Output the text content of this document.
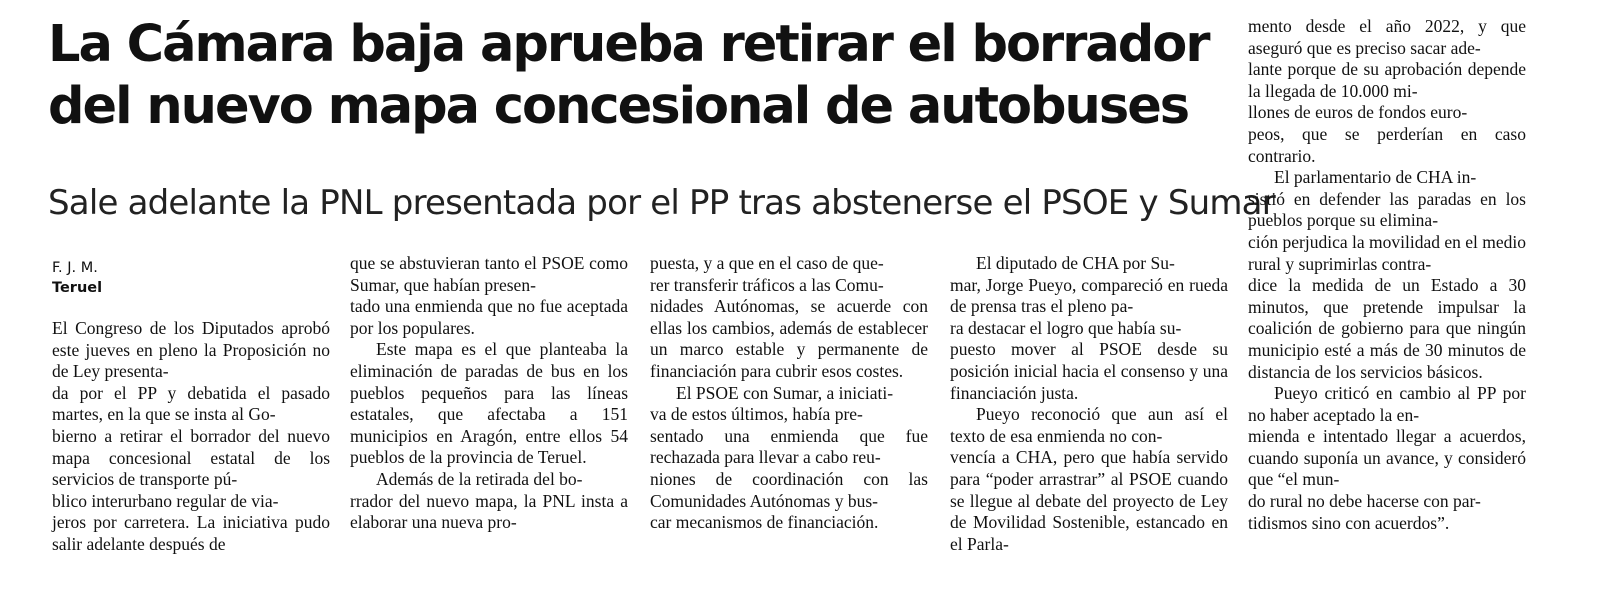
La Cámara baja aprueba retirar el borrador del nuevo mapa concesional de autobuses
Sale adelante la PNL presentada por el PP tras abstenerse el PSOE y Sumar
F. J. M.
Teruel

El Congreso de los Diputados aprobó este jueves en pleno la Proposición no de Ley presenta-
da por el PP y debatida el pasado martes, en la que se insta al Go-
bierno a retirar el borrador del nuevo mapa concesional estatal de los servicios de transporte pú-
blico interurbano regular de via-
jeros por carretera. La iniciativa pudo salir adelante después de

que se abstuvieran tanto el PSOE como Sumar, que habían presen-
tado una enmienda que no fue aceptada por los populares.

Este mapa es el que planteaba la eliminación de paradas de bus en los pueblos pequeños para las líneas estatales, que afectaba a 151 municipios en Aragón, entre ellos 54 pueblos de la provincia de Teruel.

Además de la retirada del bo-
rrador del nuevo mapa, la PNL insta a elaborar una nueva pro-

puesta, y a que en el caso de que-
rer transferir tráficos a las Comu-
nidades Autónomas, se acuerde con ellas los cambios, además de establecer un marco estable y permanente de financiación para cubrir esos costes.

El PSOE con Sumar, a iniciati-
va de estos últimos, había pre-
sentado una enmienda que fue rechazada para llevar a cabo reu-
niones de coordinación con las Comunidades Autónomas y bus-
car mecanismos de financiación.

El diputado de CHA por Su-
mar, Jorge Pueyo, compareció en rueda de prensa tras el pleno pa-
ra destacar el logro que había su-
puesto mover al PSOE desde su posición inicial hacia el consenso y una financiación justa.

Pueyo reconoció que aun así el texto de esa enmienda no con-
vencía a CHA, pero que había servido para “poder arrastrar” al PSOE cuando se llegue al debate del proyecto de Ley de Movilidad Sostenible, estancado en el Parla-

mento desde el año 2022, y que aseguró que es preciso sacar ade-
lante porque de su aprobación depende la llegada de 10.000 mi-
llones de euros de fondos euro-
peos, que se perderían en caso contrario.

El parlamentario de CHA in-
sistió en defender las paradas en los pueblos porque su elimina-
ción perjudica la movilidad en el medio rural y suprimirlas contra-
dice la medida de un Estado a 30 minutos, que pretende impulsar la coalición de gobierno para que ningún municipio esté a más de 30 minutos de distancia de los servicios básicos.

Pueyo criticó en cambio al PP por no haber aceptado la en-
mienda e intentado llegar a acuerdos, cuando suponía un avance, y consideró que “el mun-
do rural no debe hacerse con par-
tidismos sino con acuerdos”.
